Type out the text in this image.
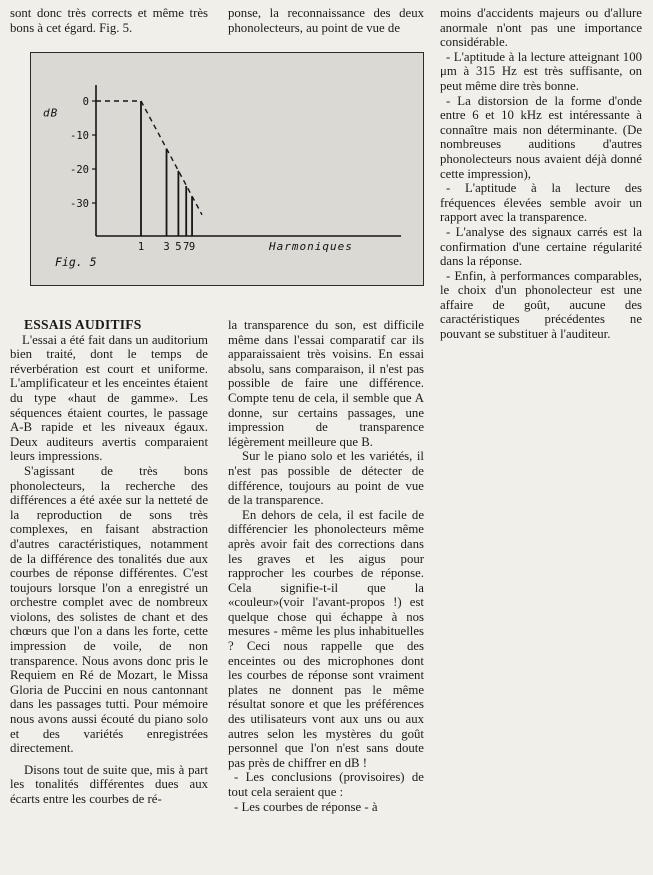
sont donc très corrects et même très bons à cet égard. Fig. 5.

ponse, la reconnaissance des deux phonolecteurs, au point de vue de

0
-10
-20
-30
1 3 5 7 9	Harmoniques
dB
Fig. 5

ESSAIS AUDITIFS

L'essai a été fait dans un auditorium bien traité, dont le temps de réverbération est court et uniforme. L'amplificateur et les enceintes étaient du type «haut de gamme». Les séquences étaient courtes, le passage A-B rapide et les niveaux égaux. Deux auditeurs avertis comparaient leurs impressions.

S'agissant de très bons phonolecteurs, la recherche des différences a été axée sur la netteté de la reproduction de sons très complexes, en faisant abstraction d'autres caractéristiques, notamment de la différence des tonalités due aux courbes de réponse différentes. C'est toujours lorsque l'on a enregistré un orchestre complet avec de nombreux violons, des solistes de chant et des chœurs que l'on a dans les forte, cette impression de voile, de non transparence. Nous avons donc pris le Requiem en Ré de Mozart, le Missa Gloria de Puccini en nous cantonnant dans les passages tutti. Pour mémoire nous avons aussi écouté du piano solo et des variétés enregistrées directement.

Disons tout de suite que, mis à part les tonalités différentes dues aux écarts entre les courbes de ré-

la transparence du son, est difficile même dans l'essai comparatif car ils apparaissaient très voisins. En essai absolu, sans comparaison, il n'est pas possible de faire une différence. Compte tenu de cela, il semble que A donne, sur certains passages, une impression de transparence légèrement meilleure que B.

Sur le piano solo et les variétés, il n'est pas possible de détecter de différence, toujours au point de vue de la transparence.

En dehors de cela, il est facile de différencier les phonolecteurs même après avoir fait des corrections dans les graves et les aigus pour rapprocher les courbes de réponse. Cela signifie-t-il que la «couleur»(voir l'avant-propos !) est quelque chose qui échappe à nos mesures - même les plus inhabituelles ? Ceci nous rappelle que des enceintes ou des microphones dont les courbes de réponse sont vraiment plates ne donnent pas le même résultat sonore et que les préférences des utilisateurs vont aux uns ou aux autres selon les mystères du goût personnel que l'on n'est sans doute pas près de chiffrer en dB !

- Les conclusions (provisoires) de tout cela seraient que :

- Les courbes de réponse - à

moins d'accidents majeurs ou d'allure anormale n'ont pas une importance considérable.

- L'aptitude à la lecture atteignant 100 μm à 315 Hz est très suffisante, on peut même dire très bonne.

- La distorsion de la forme d'onde entre 6 et 10 kHz est intéressante à connaître mais non déterminante. (De nombreuses auditions d'autres phonolecteurs nous avaient déjà donné cette impression),

- L'aptitude à la lecture des fréquences élevées semble avoir un rapport avec la transparence.

- L'analyse des signaux carrés est la confirmation d'une certaine régularité dans la réponse.

- Enfin, à performances comparables, le choix d'un phonolecteur est une affaire de goût, aucune des caractéristiques précédentes ne pouvant se substituer à l'auditeur.
